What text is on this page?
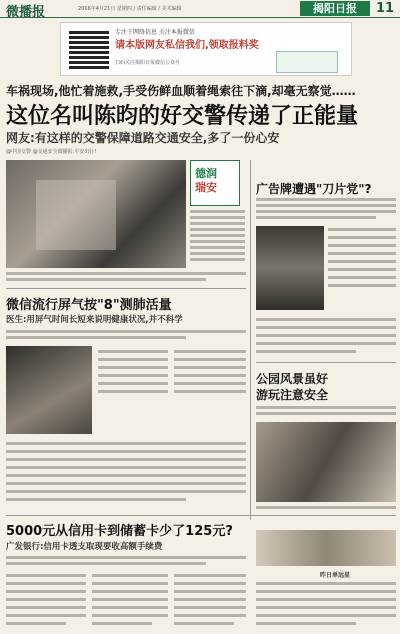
微播报	2016年4月21日 星期四 / 责任编辑 / 美术编辑	揭阳日报	11
专注于网络信息 关注本报微信
请本版网友私信我们,领取报料奖
扫码关注揭阳日报微信公众号
车祸现场,他忙着施救,手受伤鲜血顺着绳索往下滴,却毫无察觉……
这位名叫陈昀的好交警传递了正能量
网友:有这样的交警保障道路交通安全,多了一份心安
@中国交警 @交通安全微播报:平安出行!
德润
瑞安	广告牌遭遇"刀片党"?
公园风景虽好
游玩注意安全
微信流行屏气按"8"测肺活量
医生:用屏气时间长短来说明健康状况,并不科学
5000元从信用卡到储蓄卡少了125元?
广发银行:信用卡透支取现要收高额手续费
昨日单远星
